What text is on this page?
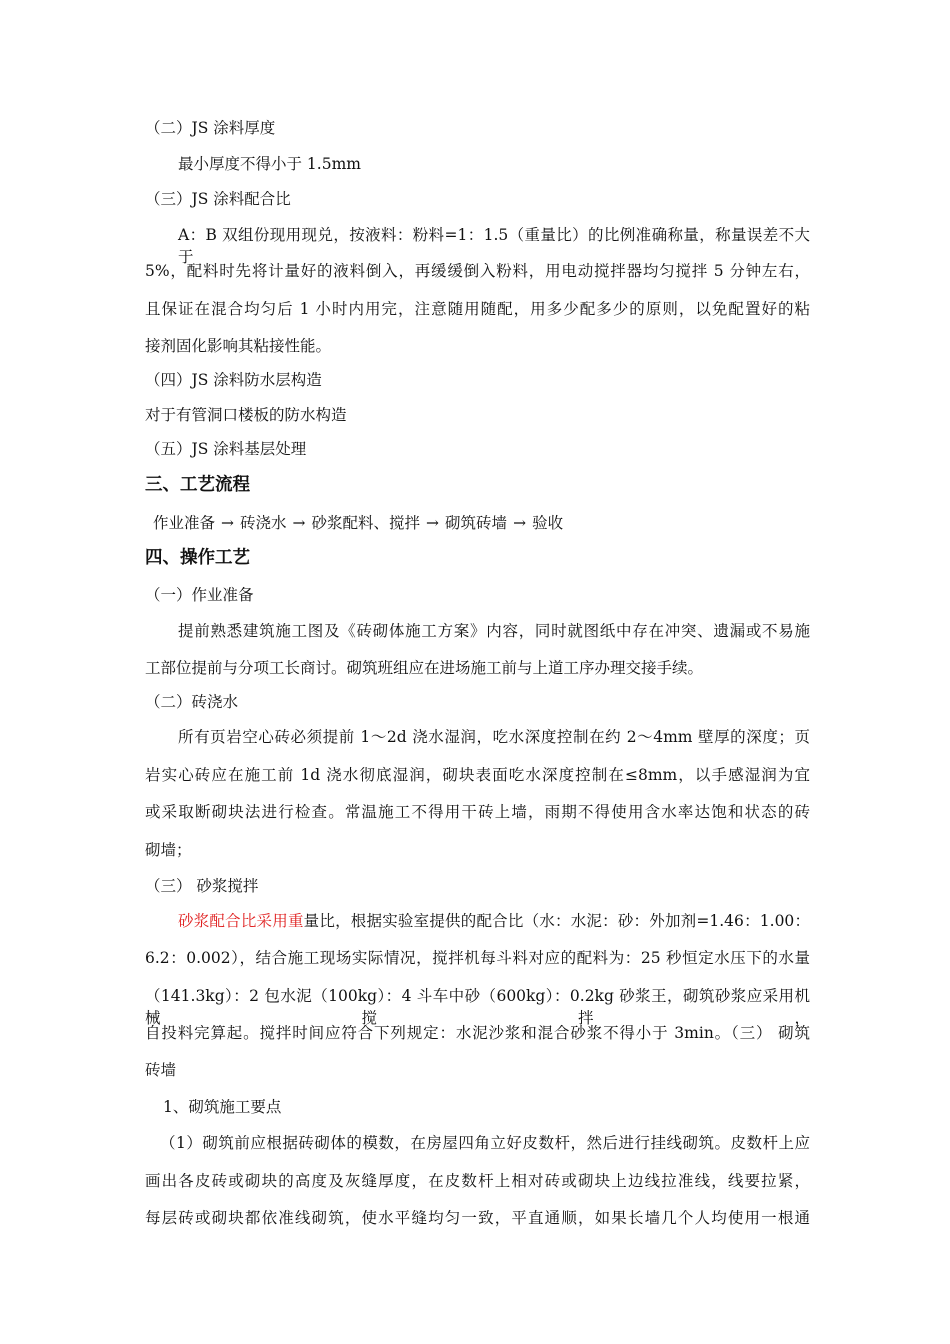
（二）JS 涂料厚度
最小厚度不得小于 1.5mm
（三）JS 涂料配合比
A：B 双组份现用现兑，按液料：粉料=1：1.5（重量比）的比例准确称量，称量误差不大于
5%，配料时先将计量好的液料倒入，再缓缓倒入粉料，用电动搅拌器均匀搅拌 5 分钟左右，
且保证在混合均匀后 1 小时内用完，注意随用随配，用多少配多少的原则，以免配置好的粘
接剂固化影响其粘接性能。
（四）JS 涂料防水层构造
对于有管洞口楼板的防水构造
（五）JS 涂料基层处理
三、工艺流程
作业准备 → 砖浇水 → 砂浆配料、搅拌 → 砌筑砖墙 → 验收
四、操作工艺
（一）作业准备
提前熟悉建筑施工图及《砖砌体施工方案》内容，同时就图纸中存在冲突、遗漏或不易施
工部位提前与分项工长商讨。砌筑班组应在进场施工前与上道工序办理交接手续。
（二）砖浇水
所有页岩空心砖必须提前 1～2d 浇水湿润，吃水深度控制在约 2～4mm 壁厚的深度；页
岩实心砖应在施工前 1d 浇水彻底湿润，砌块表面吃水深度控制在≤8mm，以手感湿润为宜
或采取断砌块法进行检查。常温施工不得用干砖上墙，雨期不得使用含水率达饱和状态的砖
砌墙；
（三） 砂浆搅拌
砂浆配合比采用重量比，根据实验室提供的配合比（水：水泥：砂：外加剂=1.46：1.00：
6.2：0.002），结合施工现场实际情况，搅拌机每斗料对应的配料为：25 秒恒定水压下的水量
（141.3kg）：2 包水泥（100kg）：4 斗车中砂（600kg）：0.2kg 砂浆王，砌筑砂浆应采用机械搅拌，
自投料完算起。搅拌时间应符合下列规定：水泥沙浆和混合砂浆不得小于 3min。（三） 砌筑
砖墙
1、砌筑施工要点
（1）砌筑前应根据砖砌体的模数，在房屋四角立好皮数杆，然后进行挂线砌筑。皮数杆上应
画出各皮砖或砌块的高度及灰缝厚度，在皮数杆上相对砖或砌块上边线拉准线，线要拉紧，
每层砖或砌块都依准线砌筑，使水平缝均匀一致，平直通顺，如果长墙几个人均使用一根通
